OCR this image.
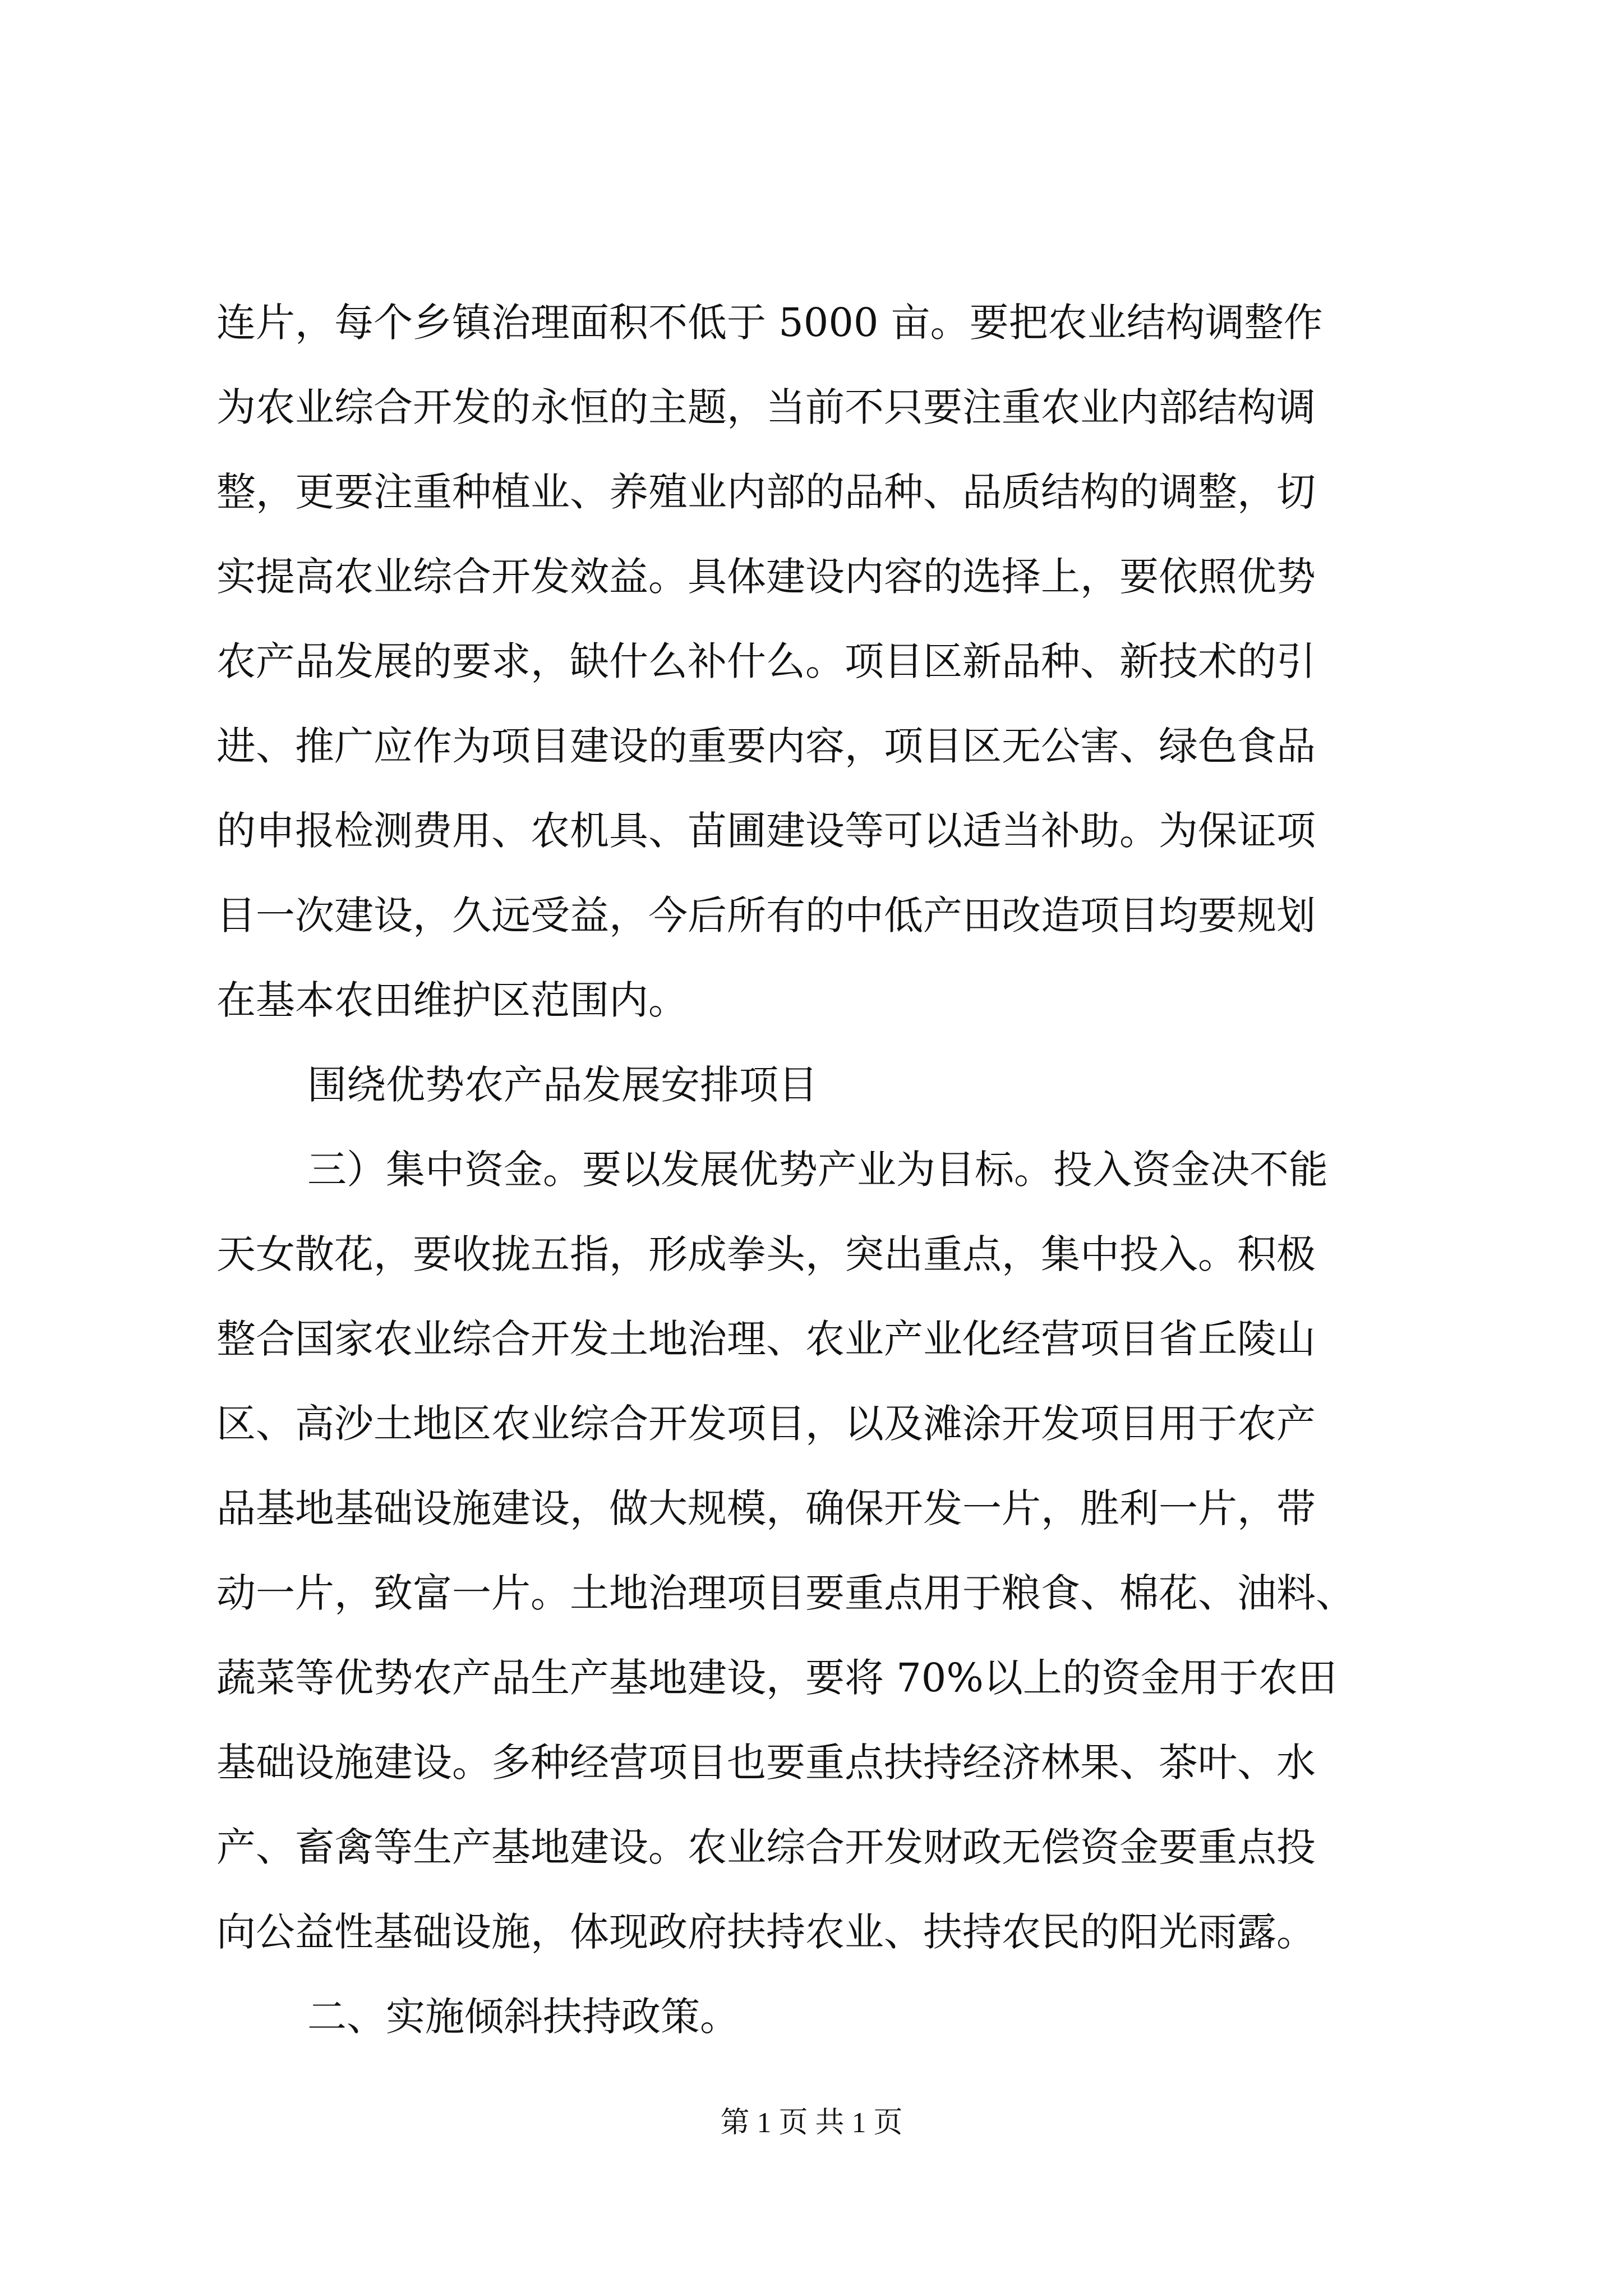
连片，每个乡镇治理面积不低于 5000 亩。要把农业结构调整作
为农业综合开发的永恒的主题，当前不只要注重农业内部结构调
整，更要注重种植业、养殖业内部的品种、品质结构的调整，切
实提高农业综合开发效益。具体建设内容的选择上，要依照优势
农产品发展的要求，缺什么补什么。项目区新品种、新技术的引
进、推广应作为项目建设的重要内容，项目区无公害、绿色食品
的申报检测费用、农机具、苗圃建设等可以适当补助。为保证项
目一次建设，久远受益，今后所有的中低产田改造项目均要规划
在基本农田维护区范围内。
围绕优势农产品发展安排项目
三）集中资金。要以发展优势产业为目标。投入资金决不能
天女散花，要收拢五指，形成拳头，突出重点，集中投入。积极
整合国家农业综合开发土地治理、农业产业化经营项目省丘陵山
区、高沙土地区农业综合开发项目，以及滩涂开发项目用于农产
品基地基础设施建设，做大规模，确保开发一片，胜利一片，带
动一片，致富一片。土地治理项目要重点用于粮食、棉花、油料、
蔬菜等优势农产品生产基地建设，要将 70%以上的资金用于农田
基础设施建设。多种经营项目也要重点扶持经济林果、茶叶、水
产、畜禽等生产基地建设。农业综合开发财政无偿资金要重点投
向公益性基础设施，体现政府扶持农业、扶持农民的阳光雨露。
二、实施倾斜扶持政策。
第 1 页 共 1 页
